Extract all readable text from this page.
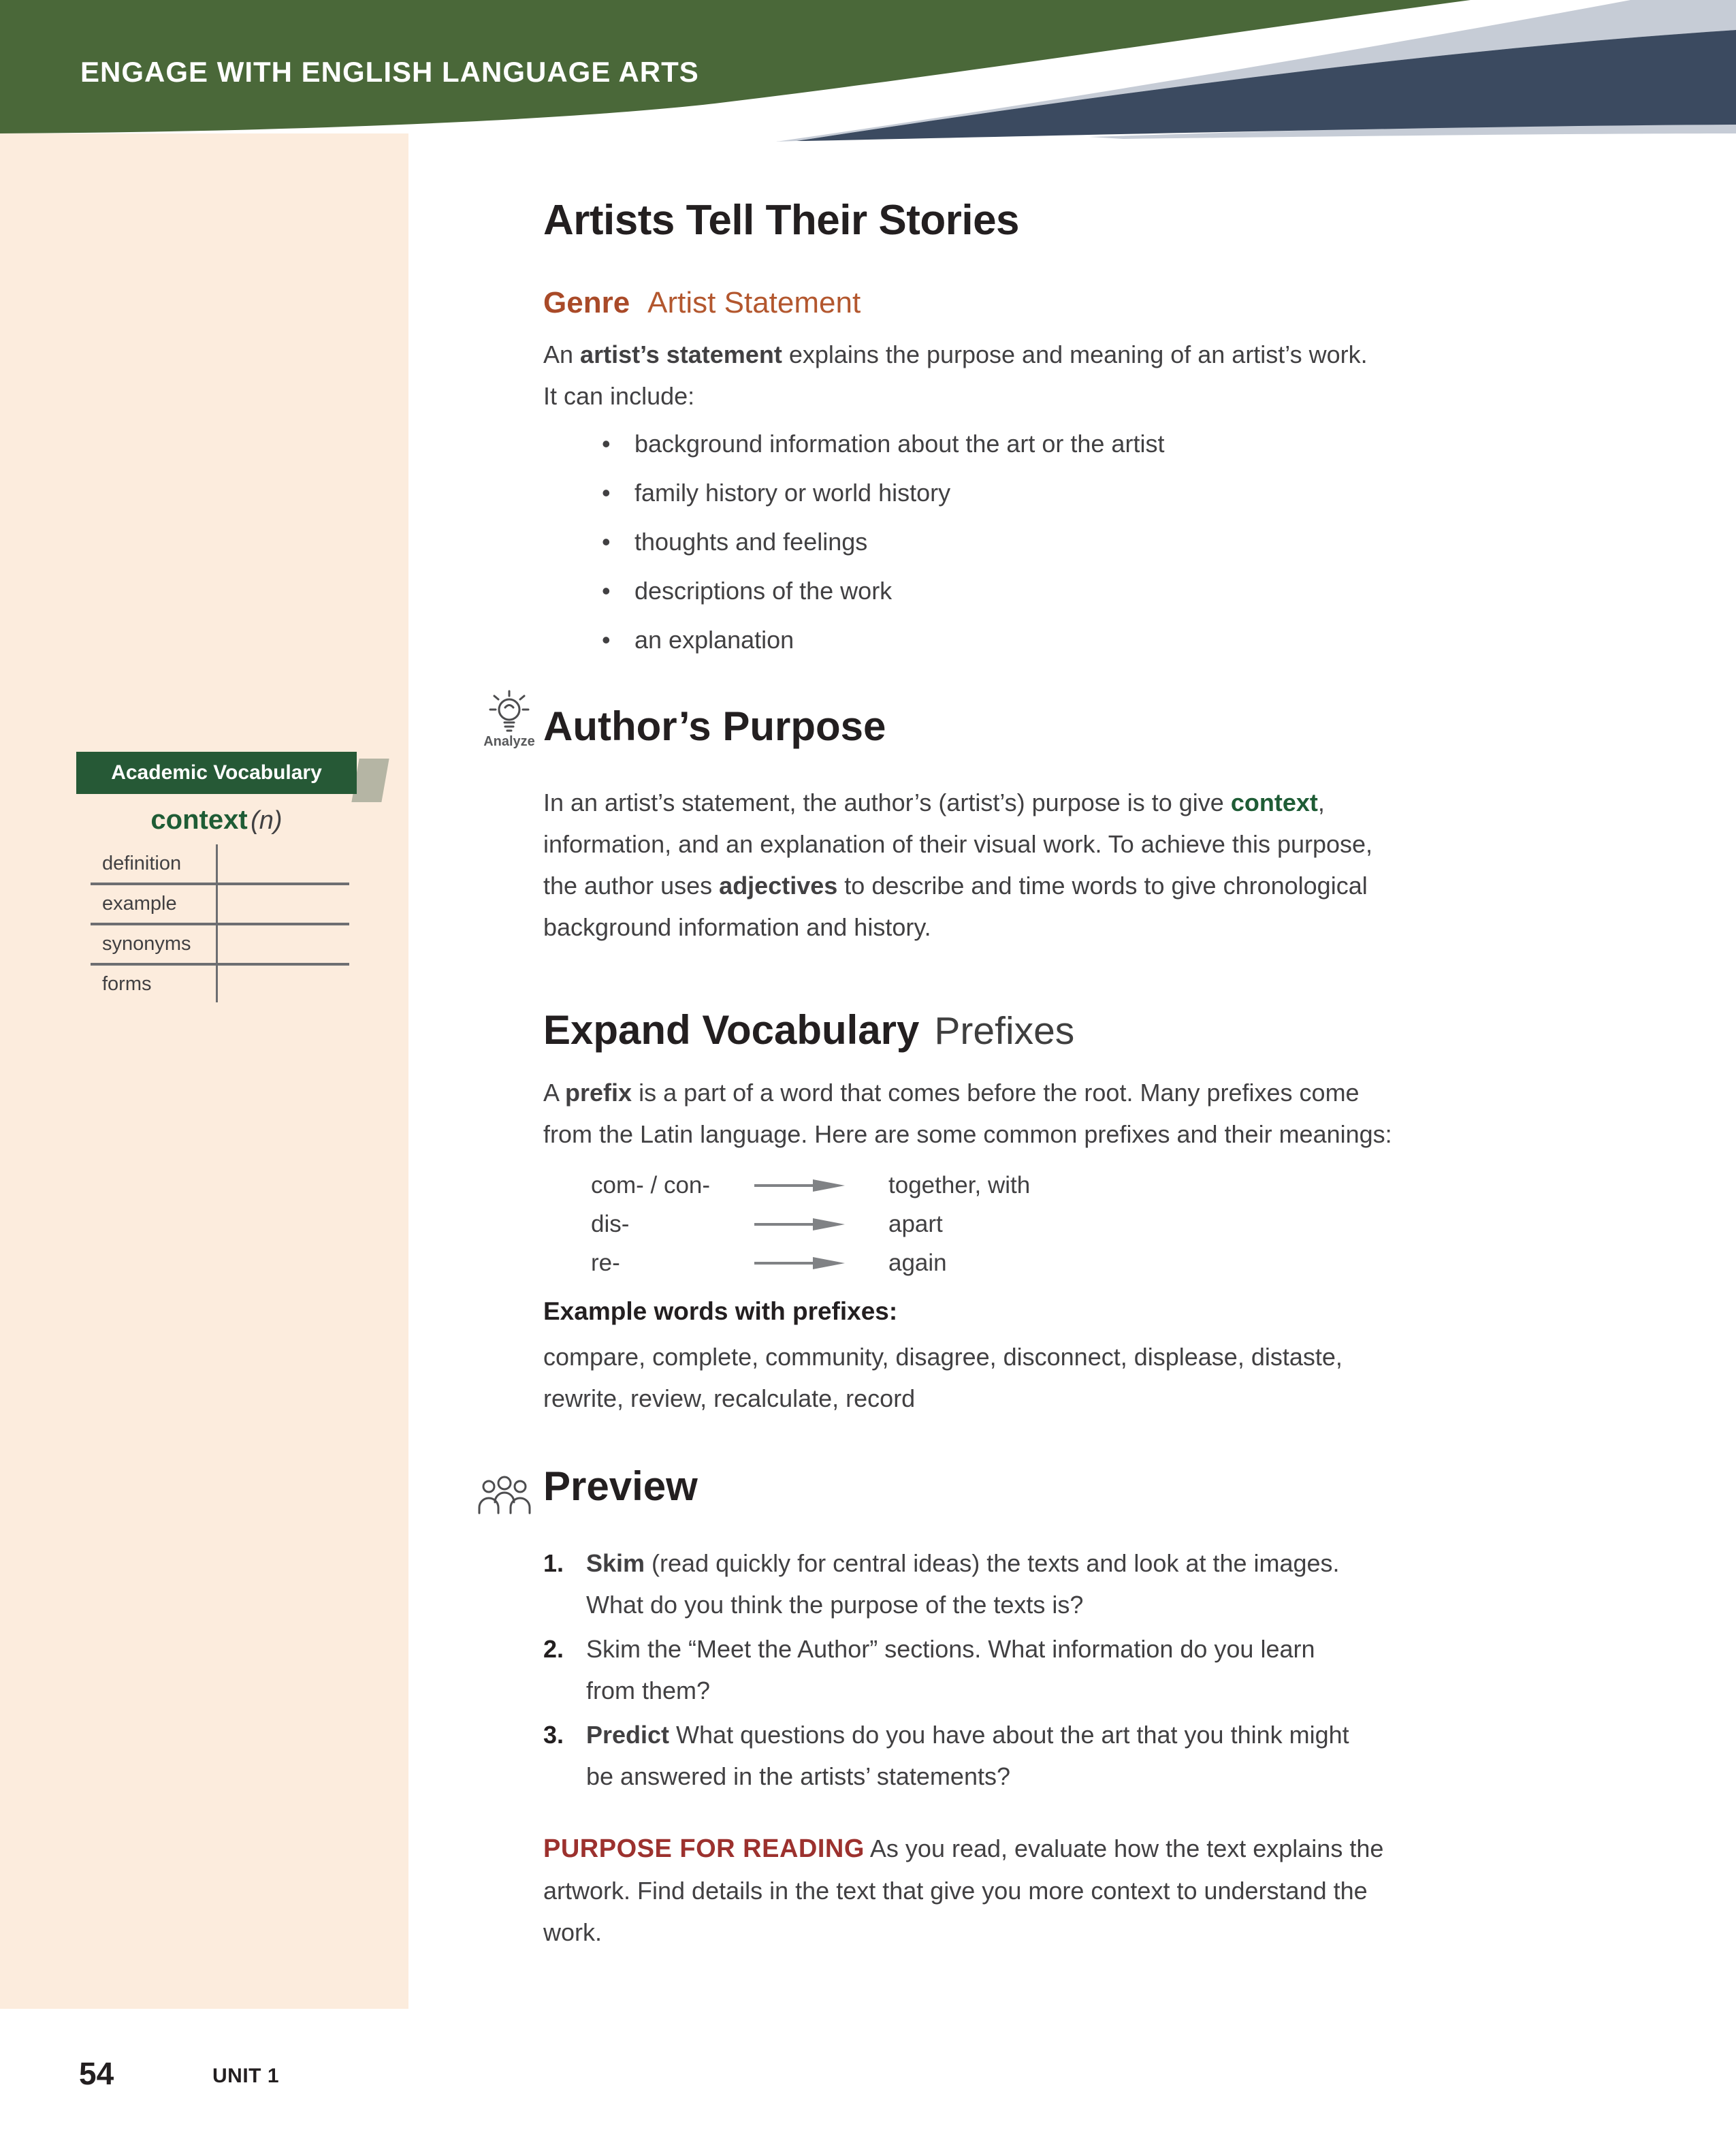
ENGAGE WITH ENGLISH LANGUAGE ARTS
Academic Vocabulary
context (n)
definition
example
synonyms
forms
Artists Tell Their Stories
Genre Artist Statement
An artist’s statement explains the purpose and meaning of an artist’s work.
It can include:
•
background information about the art or the artist
•
family history or world history
•
thoughts and feelings
•
descriptions of the work
•
an explanation
Analyze Author’s Purpose
In an artist’s statement, the author’s (artist’s) purpose is to give context,
information, and an explanation of their visual work. To achieve this purpose,
the author uses adjectives to describe and time words to give chronological
background information and history.
Expand Vocabulary Prefixes
A prefix is a part of a word that comes before the root. Many prefixes come
from the Latin language. Here are some common prefixes and their meanings:
com- / con-	together, with
dis-	apart
re-	again
Example words with prefixes:
compare, complete, community, disagree, disconnect, displease, distaste,
rewrite, review, recalculate, record
Preview
1. Skim (read quickly for central ideas) the texts and look at the images.
What do you think the purpose of the texts is?
2. Skim the “Meet the Author” sections. What information do you learn
from them?
3. Predict What questions do you have about the art that you think might
be answered in the artists’ statements?
PURPOSE FOR READING As you read, evaluate how the text explains the
artwork. Find details in the text that give you more context to understand the
work.
54	UNIT 1
